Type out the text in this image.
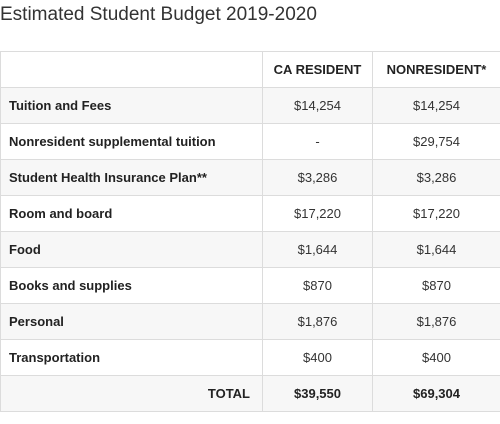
Estimated Student Budget 2019-2020
	CA RESIDENT	NONRESIDENT*
Tuition and Fees	$14,254	$14,254
Nonresident supplemental tuition	-	$29,754
Student Health Insurance Plan**	$3,286	$3,286
Room and board	$17,220	$17,220
Food	$1,644	$1,644
Books and supplies	$870	$870
Personal	$1,876	$1,876
Transportation	$400	$400
TOTAL	$39,550	$69,304
